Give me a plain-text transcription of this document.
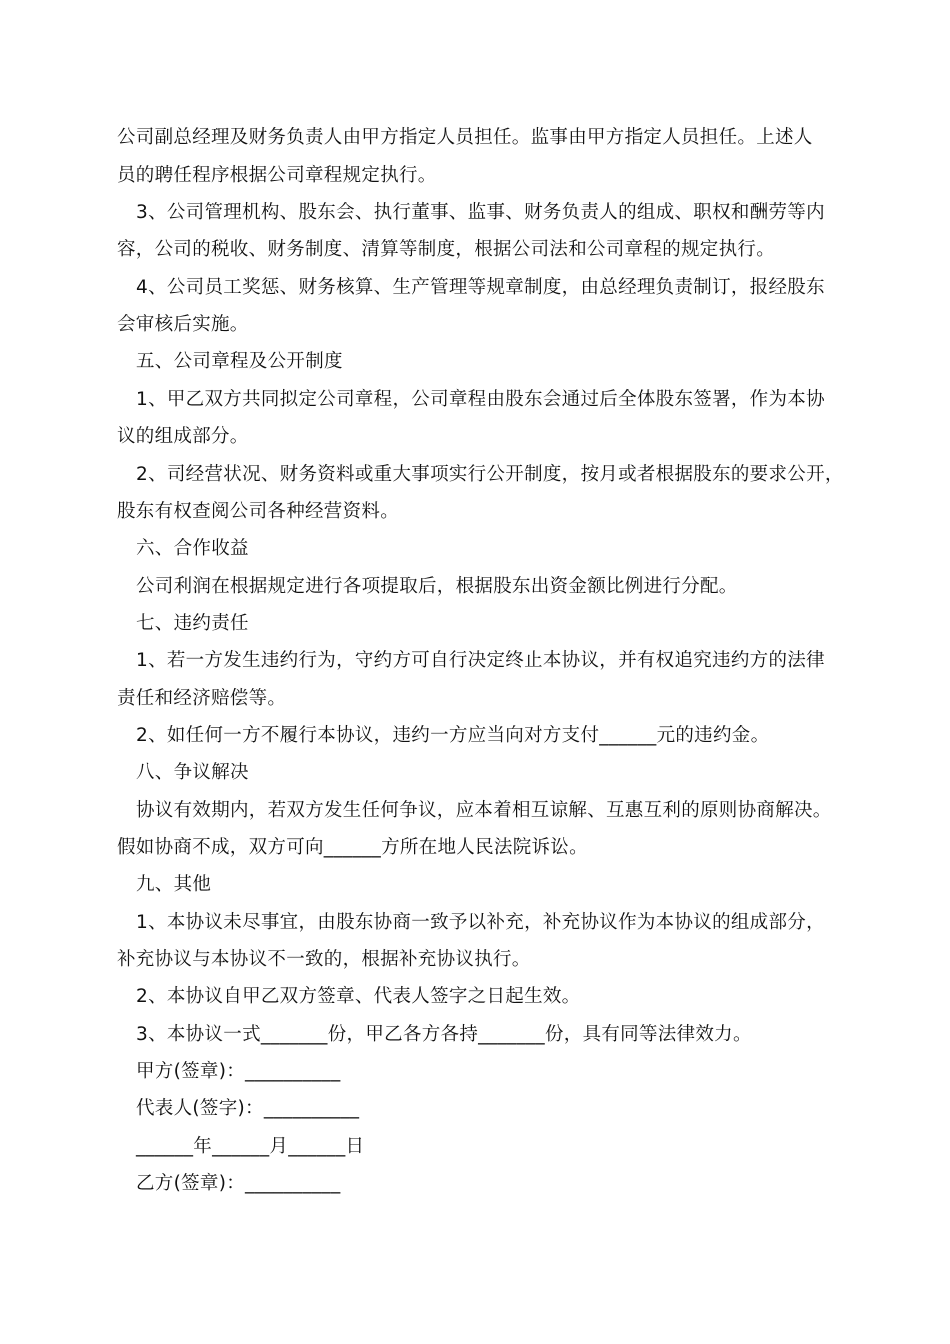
公司副总经理及财务负责人由甲方指定人员担任。监事由甲方指定人员担任。上述人
员的聘任程序根据公司章程规定执行。
3、公司管理机构、股东会、执行董事、监事、财务负责人的组成、职权和酬劳等内
容，公司的税收、财务制度、清算等制度，根据公司法和公司章程的规定执行。
4、公司员工奖惩、财务核算、生产管理等规章制度，由总经理负责制订，报经股东
会审核后实施。
五、公司章程及公开制度
1、甲乙双方共同拟定公司章程，公司章程由股东会通过后全体股东签署，作为本协
议的组成部分。
2、司经营状况、财务资料或重大事项实行公开制度，按月或者根据股东的要求公开，
股东有权查阅公司各种经营资料。
六、合作收益
公司利润在根据规定进行各项提取后，根据股东出资金额比例进行分配。
七、违约责任
1、若一方发生违约行为，守约方可自行决定终止本协议，并有权追究违约方的法律
责任和经济赔偿等。
2、如任何一方不履行本协议，违约一方应当向对方支付______元的违约金。
八、争议解决
协议有效期内，若双方发生任何争议，应本着相互谅解、互惠互利的原则协商解决。
假如协商不成，双方可向______方所在地人民法院诉讼。
九、其他
1、本协议未尽事宜，由股东协商一致予以补充，补充协议作为本协议的组成部分，
补充协议与本协议不一致的，根据补充协议执行。
2、本协议自甲乙双方签章、代表人签字之日起生效。
3、本协议一式_______份，甲乙各方各持_______份，具有同等法律效力。
甲方(签章)：__________
代表人(签字)：__________
______年______月______日
乙方(签章)：__________
